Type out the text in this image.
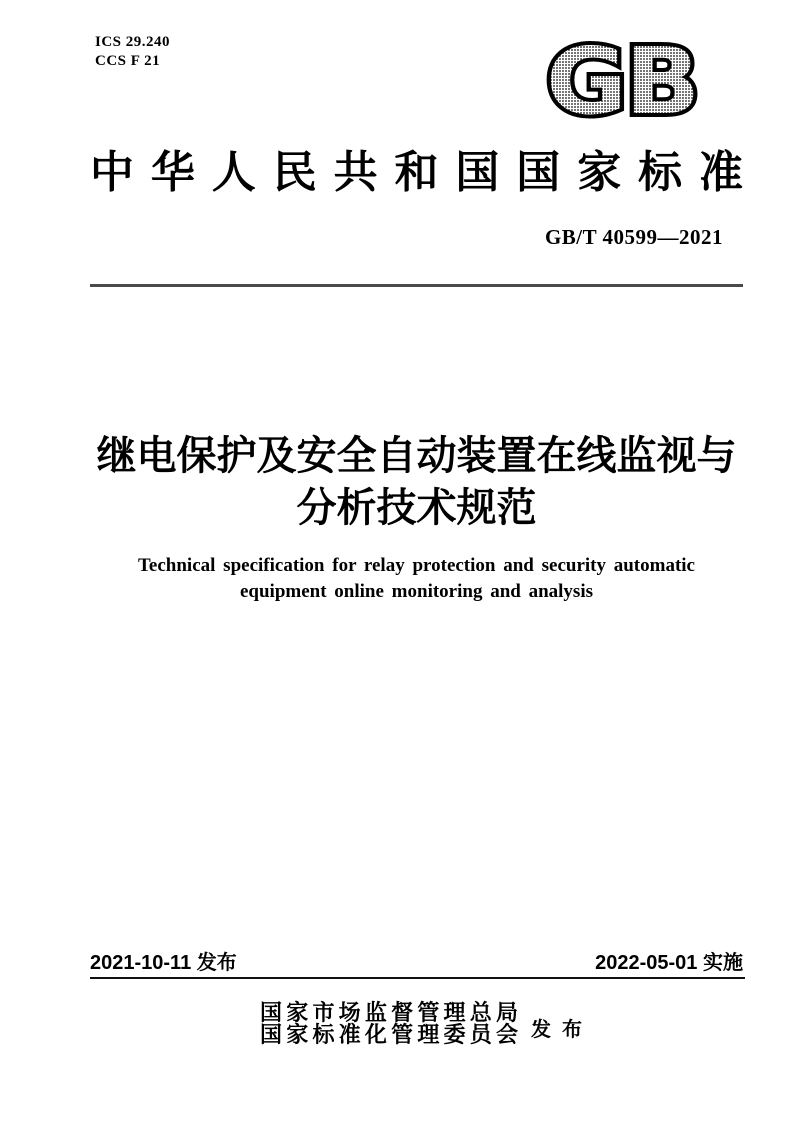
ICS 29.240
CCS F 21	GB
中华人民共和国国家标准
GB/T 40599—2021
继电保护及安全自动装置在线监视与
分析技术规范
Technical specification for relay protection and security automatic
equipment online monitoring and analysis
2021-10-11 发布	2022-05-01 实施
国家市场监督管理总局
国家标准化管理委员会 发 布
